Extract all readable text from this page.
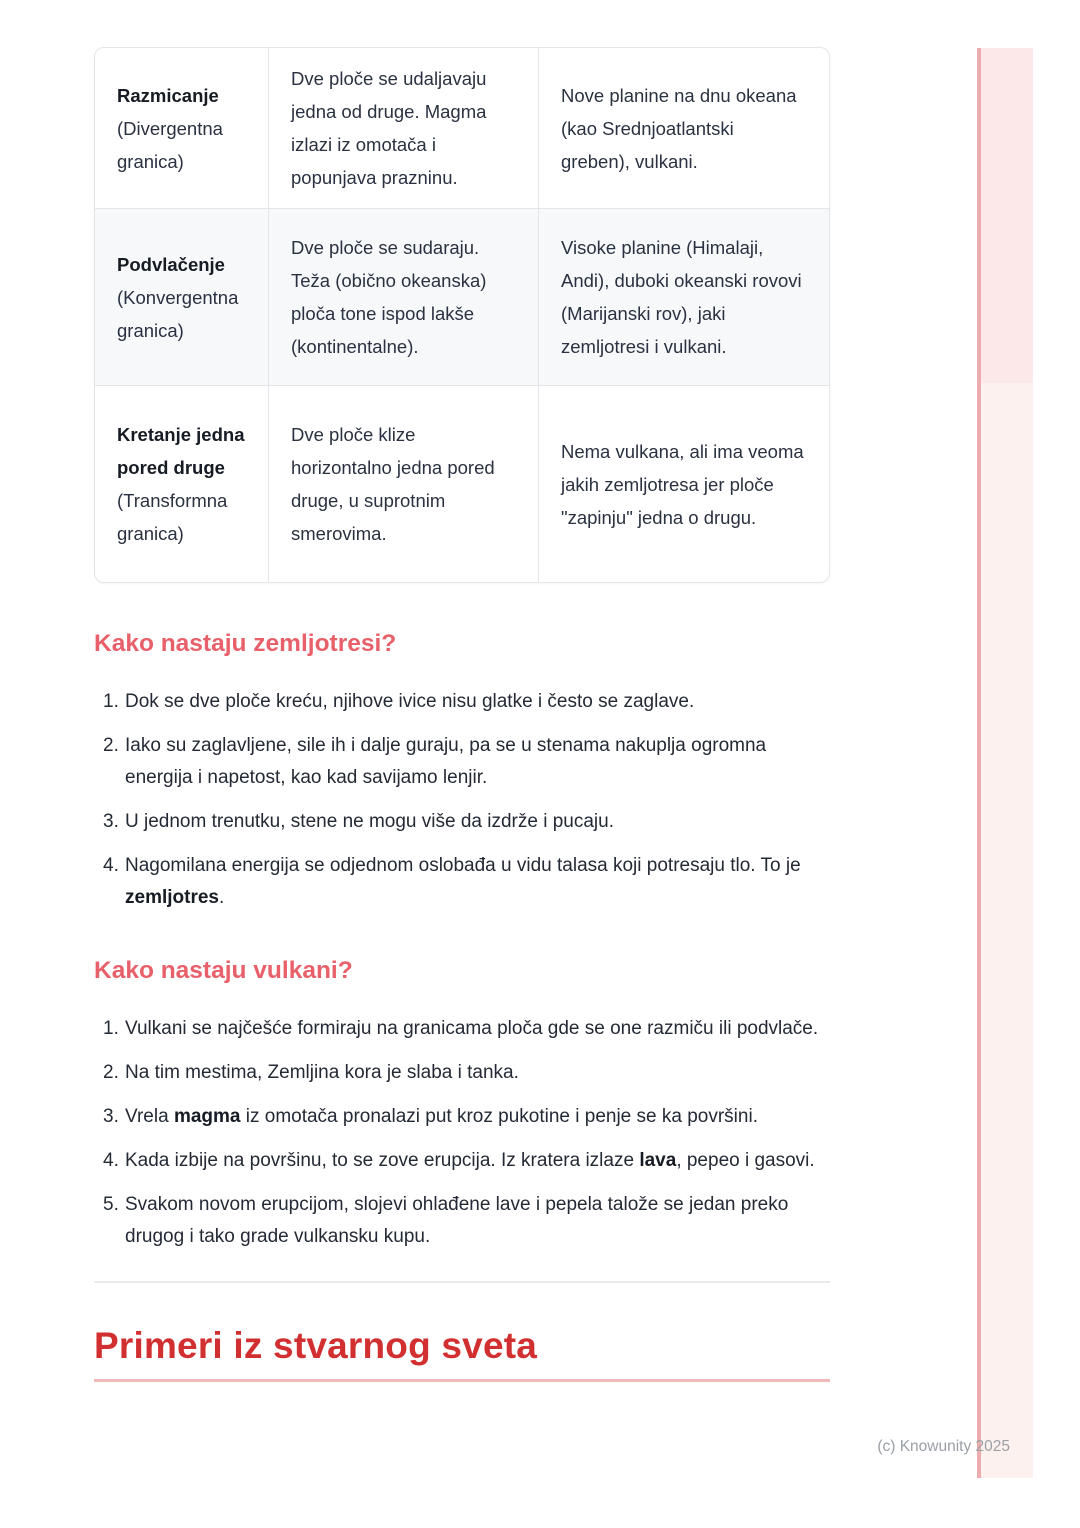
Razmicanje
(Divergentna granica)
Dve ploče se udaljavaju jedna od druge. Magma izlazi iz omotača i popunjava prazninu.
Nove planine na dnu okeana (kao Srednjoatlantski greben), vulkani.
Podvlačenje
(Konvergentna granica)
Dve ploče se sudaraju. Teža (obično okeanska) ploča tone ispod lakše (kontinentalne).
Visoke planine (Himalaji, Andi), duboki okeanski rovovi (Marijanski rov), jaki zemljotresi i vulkani.
Kretanje jedna pored druge
(Transformna granica)
Dve ploče klize horizontalno jedna pored druge, u suprotnim smerovima.
Nema vulkana, ali ima veoma jakih zemljotresa jer ploče "zapinju" jedna o drugu.
Kako nastaju zemljotresi?
1. Dok se dve ploče kreću, njihove ivice nisu glatke i često se zaglave.
2. Iako su zaglavljene, sile ih i dalje guraju, pa se u stenama nakuplja ogromna energija i napetost, kao kad savijamo lenjir.
3. U jednom trenutku, stene ne mogu više da izdrže i pucaju.
4. Nagomilana energija se odjednom oslobađa u vidu talasa koji potresaju tlo. To je zemljotres.
Kako nastaju vulkani?
1. Vulkani se najčešće formiraju na granicama ploča gde se one razmiču ili podvlače.
2. Na tim mestima, Zemljina kora je slaba i tanka.
3. Vrela magma iz omotača pronalazi put kroz pukotine i penje se ka površini.
4. Kada izbije na površinu, to se zove erupcija. Iz kratera izlaze lava, pepeo i gasovi.
5. Svakom novom erupcijom, slojevi ohlađene lave i pepela talože se jedan preko drugog i tako grade vulkansku kupu.
Primeri iz stvarnog sveta
(c) Knowunity 2025
